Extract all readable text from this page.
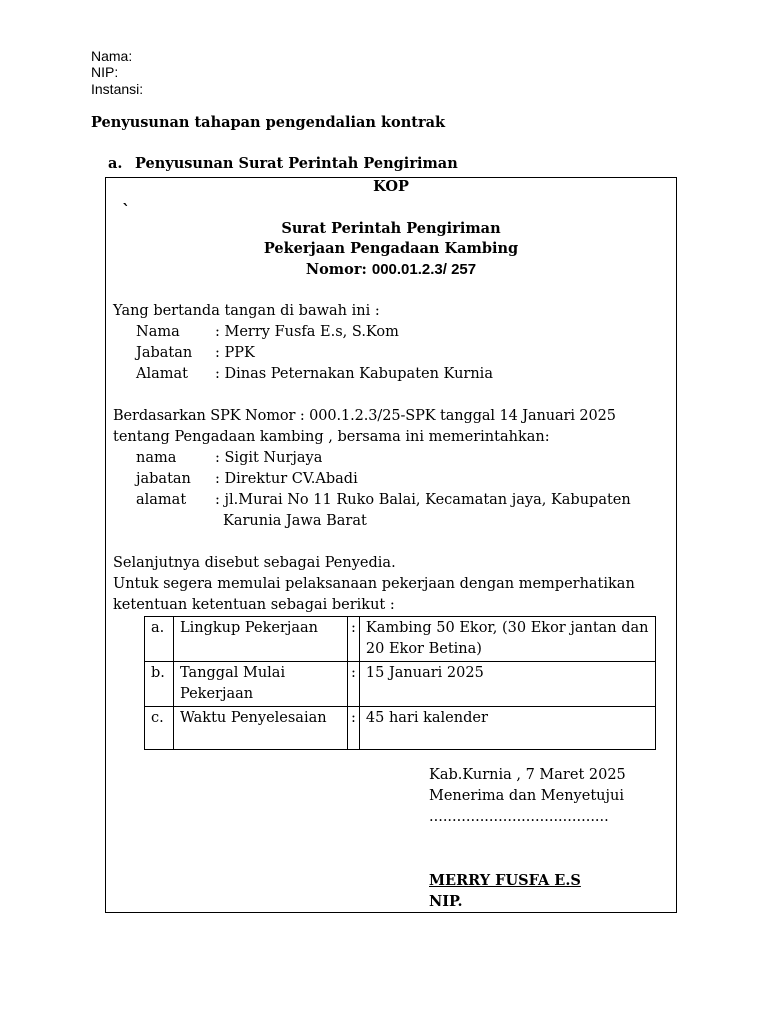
Nama:
NIP:
Instansi:
Penyusunan tahapan pengendalian kontrak
a. Penyusunan Surat Perintah Pengiriman
KOP
`
Surat Perintah Pengiriman
Pekerjaan Pengadaan Kambing
Nomor: 000.01.2.3/ 257
Yang bertanda tangan di bawah ini :
Nama : Merry Fusfa E.s, S.Kom
Jabatan : PPK
Alamat : Dinas Peternakan Kabupaten Kurnia
Berdasarkan SPK Nomor : 000.1.2.3/25-SPK tanggal 14 Januari 2025
tentang Pengadaan kambing , bersama ini memerintahkan:
nama	: Sigit Nurjaya
jabatan : Direktur CV.Abadi
alamat : jl.Murai No 11 Ruko Balai, Kecamatan jaya, Kabupaten
Karunia Jawa Barat
Selanjutnya disebut sebagai Penyedia.
Untuk segera memulai pelaksanaan pekerjaan dengan memperhatikan
ketentuan ketentuan sebagai berikut :
a.	Lingkup Pekerjaan	:	Kambing 50 Ekor, (30 Ekor jantan dan 20 Ekor Betina)
b.	Tanggal Mulai Pekerjaan	:	15 Januari 2025
c.	Waktu Penyelesaian	:	45 hari kalender
Kab.Kurnia , 7 Maret 2025
Menerima dan Menyetujui
.......................................
MERRY FUSFA E.S
NIP.
